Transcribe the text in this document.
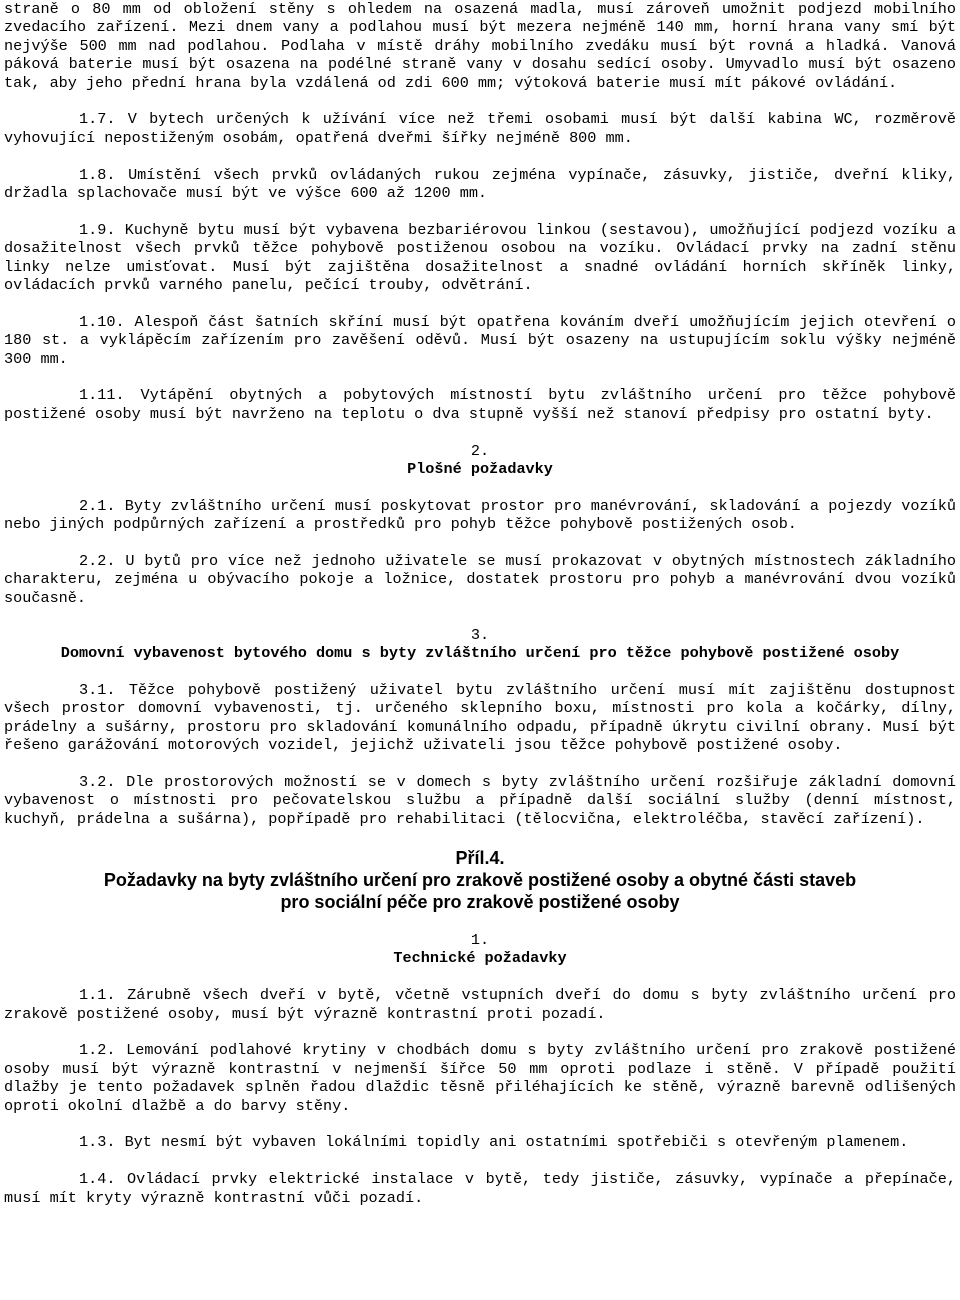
straně o 80 mm od obložení stěny s ohledem na osazená madla, musí zároveň umožnit podjezd mobilního zvedacího zařízení. Mezi dnem vany a podlahou musí být mezera nejméně 140 mm, horní hrana vany smí být nejvýše 500 mm nad podlahou. Podlaha v místě dráhy mobilního zvedáku musí být rovná a hladká. Vanová páková baterie musí být osazena na podélné straně vany v dosahu sedící osoby. Umyvadlo musí být osazeno tak, aby jeho přední hrana byla vzdálená od zdi 600 mm; výtoková baterie musí mít pákové ovládání.

1.7. V bytech určených k užívání více než třemi osobami musí být další kabina WC, rozměrově vyhovující nepostiženým osobám, opatřená dveřmi šířky nejméně 800 mm.

1.8. Umístění všech prvků ovládaných rukou zejména vypínače, zásuvky, jističe, dveřní kliky, držadla splachovače musí být ve výšce 600 až 1200 mm.

1.9. Kuchyně bytu musí být vybavena bezbariérovou linkou (sestavou), umožňující podjezd vozíku a dosažitelnost všech prvků těžce pohybově postiženou osobou na vozíku. Ovládací prvky na zadní stěnu linky nelze umisťovat. Musí být zajištěna dosažitelnost a snadné ovládání horních skříněk linky, ovládacích prvků varného panelu, pečící trouby, odvětrání.

1.10. Alespoň část šatních skříní musí být opatřena kováním dveří umožňujícím jejich otevření o 180 st. a vyklápěcím zařízením pro zavěšení oděvů. Musí být osazeny na ustupujícím soklu výšky nejméně 300 mm.

1.11. Vytápění obytných a pobytových místností bytu zvláštního určení pro těžce pohybově postižené osoby musí být navrženo na teplotu o dva stupně vyšší než stanoví předpisy pro ostatní byty.

2.

Plošné požadavky

2.1. Byty zvláštního určení musí poskytovat prostor pro manévrování, skladování a pojezdy vozíků nebo jiných podpůrných zařízení a prostředků pro pohyb těžce pohybově postižených osob.

2.2. U bytů pro více než jednoho uživatele se musí prokazovat v obytných místnostech základního charakteru, zejména u obývacího pokoje a ložnice, dostatek prostoru pro pohyb a manévrování dvou vozíků současně.

3.

Domovní vybavenost bytového domu s byty zvláštního určení pro těžce pohybově postižené osoby

3.1. Těžce pohybově postižený uživatel bytu zvláštního určení musí mít zajištěnu dostupnost všech prostor domovní vybavenosti, tj. určeného sklepního boxu, místnosti pro kola a kočárky, dílny, prádelny a sušárny, prostoru pro skladování komunálního odpadu, případně úkrytu civilní obrany. Musí být řešeno garážování motorových vozidel, jejichž uživateli jsou těžce pohybově postižené osoby.

3.2. Dle prostorových možností se v domech s byty zvláštního určení rozšiřuje základní domovní vybavenost o místnosti pro pečovatelskou službu a případně další sociální služby (denní místnost, kuchyň, prádelna a sušárna), popřípadě pro rehabilitaci (tělocvična, elektroléčba, stavěcí zařízení).

Příl.4.
Požadavky na byty zvláštního určení pro zrakově postižené osoby a obytné části staveb
pro sociální péče pro zrakově postižené osoby

1.

Technické požadavky

1.1. Zárubně všech dveří v bytě, včetně vstupních dveří do domu s byty zvláštního určení pro zrakově postižené osoby, musí být výrazně kontrastní proti pozadí.

1.2. Lemování podlahové krytiny v chodbách domu s byty zvláštního určení pro zrakově postižené osoby musí být výrazně kontrastní v nejmenší šířce 50 mm oproti podlaze i stěně. V případě použití dlažby je tento požadavek splněn řadou dlaždic těsně přiléhajících ke stěně, výrazně barevně odlišených oproti okolní dlažbě a do barvy stěny.

1.3. Byt nesmí být vybaven lokálními topidly ani ostatními spotřebiči s otevřeným plamenem.

1.4. Ovládací prvky elektrické instalace v bytě, tedy jističe, zásuvky, vypínače a přepínače, musí mít kryty výrazně kontrastní vůči pozadí.
